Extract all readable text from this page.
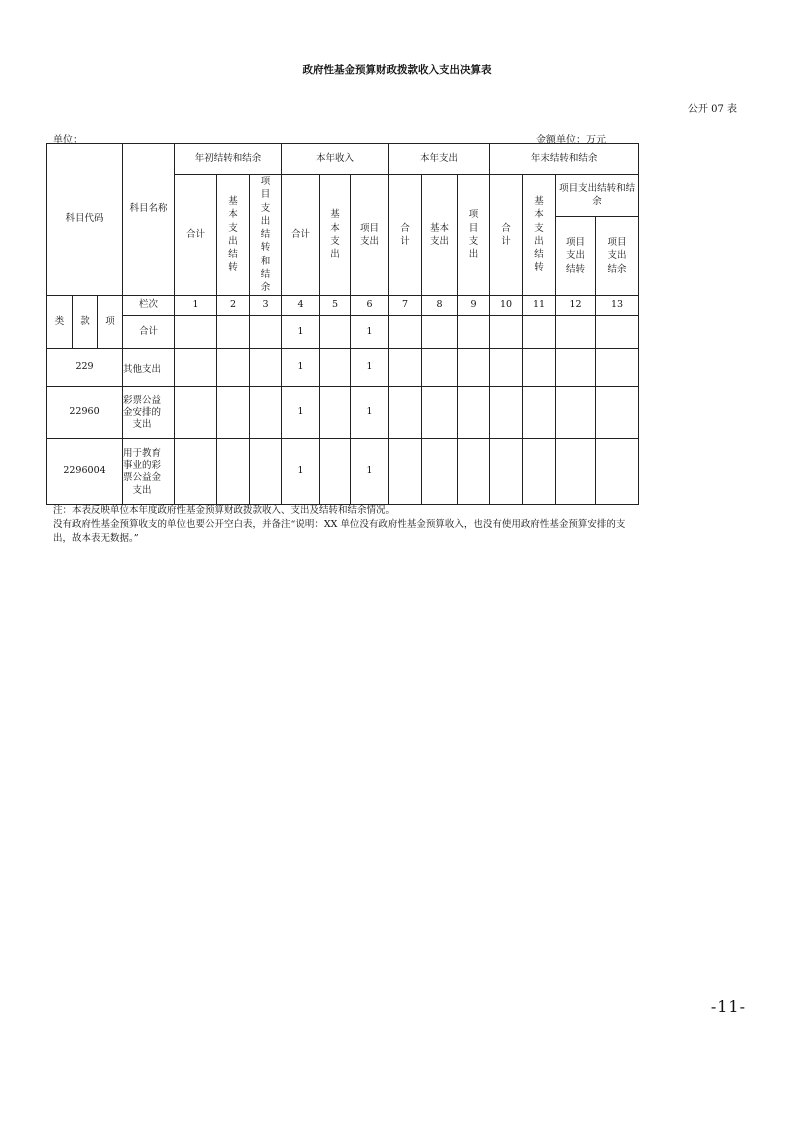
政府性基金预算财政拨款收入支出决算表
公开 07 表
单位：	金额单位：万元
科目代码			科目名称	年初结转和结余			本年收入			本年支出			年末结转和结余			
				合计	基本支出结转	项目支出结转和结余	合计	基本支出	项目支出	合计	基本支出	项目支出	合计	基本支出结转	项目支出结转和结余	
															项目支出结转	项目支出结余
类	款	项	栏次	1	2	3	4	5	6	7	8	9	10	11	12	13
			合计				1		1							
229			其他支出				1		1							
22960			彩票公益金安排的支出				1		1							
2296004			用于教育事业的彩票公益金支出				1		1							
注：本表反映单位本年度政府性基金预算财政拨款收入、支出及结转和结余情况。
没有政府性基金预算收支的单位也要公开空白表，并备注“说明：XX 单位没有政府性基金预算收入，也没有使用政府性基金预算安排的支出，故本表无数据。”
-11-
